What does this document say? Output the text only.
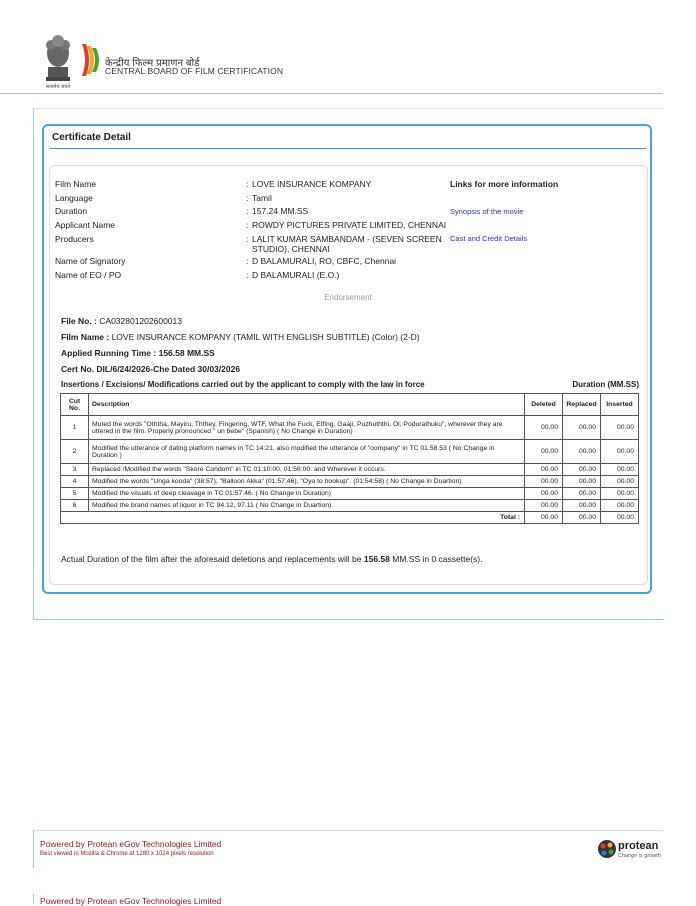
सत्यमेव जयते
केन्द्रीय फिल्म प्रमाणन बोर्ड
CENTRAL BOARD OF FILM CERTIFICATION
Certificate Detail
Film Name	: LOVE INSURANCE KOMPANY
Language	: Tamil
Duration	: 157.24 MM.SS
Applicant Name	: ROWDY PICTURES PRIVATE LIMITED, CHENNAI
Producers	: LALIT KUMAR SAMBANDAM - (SEVEN SCREEN STUDIO), CHENNAI
Name of Signatory	: D BALAMURALI, RO, CBFC, Chennai
Name of EO / PO	: D BALAMURALI (E.O.)
Links for more information
Synopsis of the movie
Cast and Credit Details
Endorsement
File No. : CA032801202600013
Film Name : LOVE INSURANCE KOMPANY (TAMIL WITH ENGLISH SUBTITLE) (Color) (2-D)
Applied Running Time : 156.58 MM.SS
Cert No. DIL/6/24/2026-Che Dated 30/03/2026
Insertions / Excisions/ Modifications carried out by the applicant to comply with the law in force	Duration (MM.SS)
Cut No.	Description	Deleted	Replaced	Inserted
1	Muted the words "Oththa, Mayiru, Ththey, Fingering, WTF, What the Fuck, Effing, Gaaji, Puzhuththi, Ol, Podurathuku", wherever they are uttered in the film. Properly pronounced " un bebe" (Spanish) ( No Change in Duration)	00.00	00.00	00.00
2	Modified the utterance of dating platform names in TC 14:21. also modified the utterance of "oompany" in TC 01.58.53 ( No Change in Duration )	00.00	00.00	00.00
3	Replaced /Modified the words "Skore Condom" in TC 01:10:00, 01:56:00. and Wherever it occurs.	00.00	00.00	00.00
4	Modified the words "Unga kooda" (38:57), "Balloon Akka" (01:57:46), "Oyo to hookup". (01:54:58) ( No Change in Duartion)	00.00	00.00	00.00
5	Modified the visuals of deep cleavage in TC 01:57:46. ( No Change in Duration)	00.00	00.00	00.00
6	Modified the brand names of liquor in TC 94.12, 97.11 ( No Change in Duartion)	00.00	00.00	00.00
Total :		00.00	00.00	00.00
Actual Duration of the film after the aforesaid deletions and replacements will be 156.58 MM.SS in 0 cassette(s).
Powered by Protean eGov Technologies Limited
Best viewed in Mozilla & Chrome at 1280 x 1024 pixels resolution
protean
Change is growth
Powered by Protean eGov Technologies Limited
